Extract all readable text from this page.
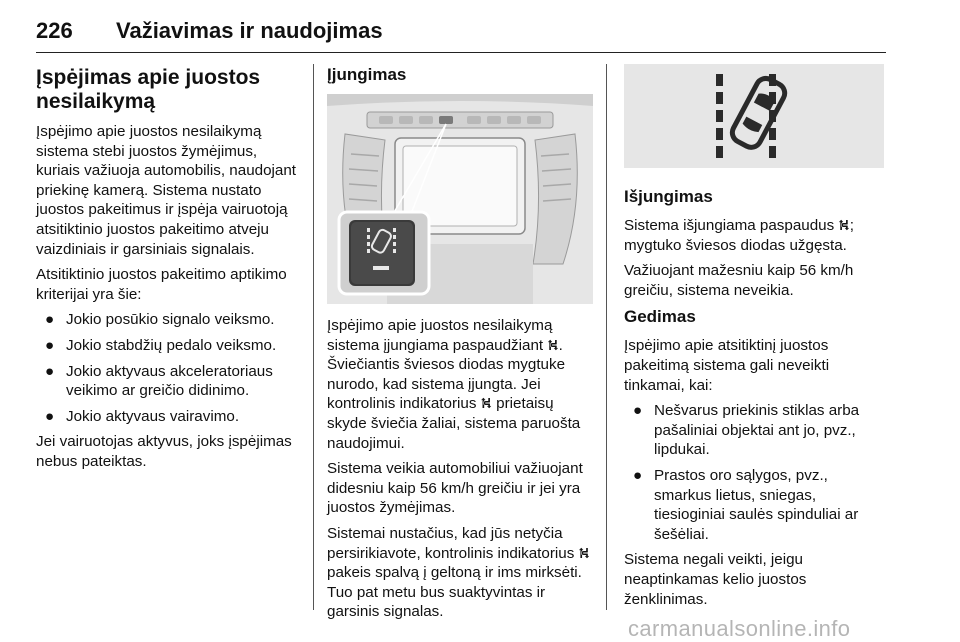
226 Važiavimas ir naudojimas
Įspėjimas apie juostos nesilaikymą

Įspėjimo apie juostos nesilaikymą sistema stebi juostos žymėjimus, kuriais važiuoja automobilis, naudojant priekinę kamerą. Sistema nustato juostos pakeitimus ir įspėja vairuotoją atsitiktinio juostos pakeitimo atveju vaizdiniais ir garsiniais signalais.

Atsitiktinio juostos pakeitimo aptikimo kriterijai yra šie:

● Jokio posūkio signalo veiksmo.
● Jokio stabdžių pedalo veiksmo.
● Jokio aktyvaus akceleratoriaus veikimo ar greičio didinimo.
● Jokio aktyvaus vairavimo.

Jei vairuotojas aktyvus, joks įspėjimas nebus pateiktas.

Įjungimas

Įspėjimo apie juostos nesilaikymą sistema įjungiama paspaudžiant ⛕. Šviečiantis šviesos diodas mygtuke nurodo, kad sistema įjungta. Jei kontrolinis indikatorius ⛕ prietaisų skyde šviečia žaliai, sistema paruošta naudojimui.

Sistema veikia automobiliui važiuojant didesniu kaip 56 km/h greičiu ir jei yra juostos žymėjimas.

Sistemai nustačius, kad jūs netyčia persirikiavote, kontrolinis indikatorius ⛕ pakeis spalvą į geltoną ir ims mirksėti. Tuo pat metu bus suaktyvintas ir garsinis signalas.

Išjungimas

Sistema išjungiama paspaudus ⛕; mygtuko šviesos diodas užgęsta.

Važiuojant mažesniu kaip 56 km/h greičiu, sistema neveikia.

Gedimas

Įspėjimo apie atsitiktinį juostos pakeitimą sistema gali neveikti tinkamai, kai:

● Nešvarus priekinis stiklas arba pašaliniai objektai ant jo, pvz., lipdukai.
● Prastos oro sąlygos, pvz., smarkus lietus, sniegas, tiesioginiai saulės spinduliai ar šešėliai.

Sistema negali veikti, jeigu neaptinkamas kelio juostos ženklinimas.

carmanualsonline.info
